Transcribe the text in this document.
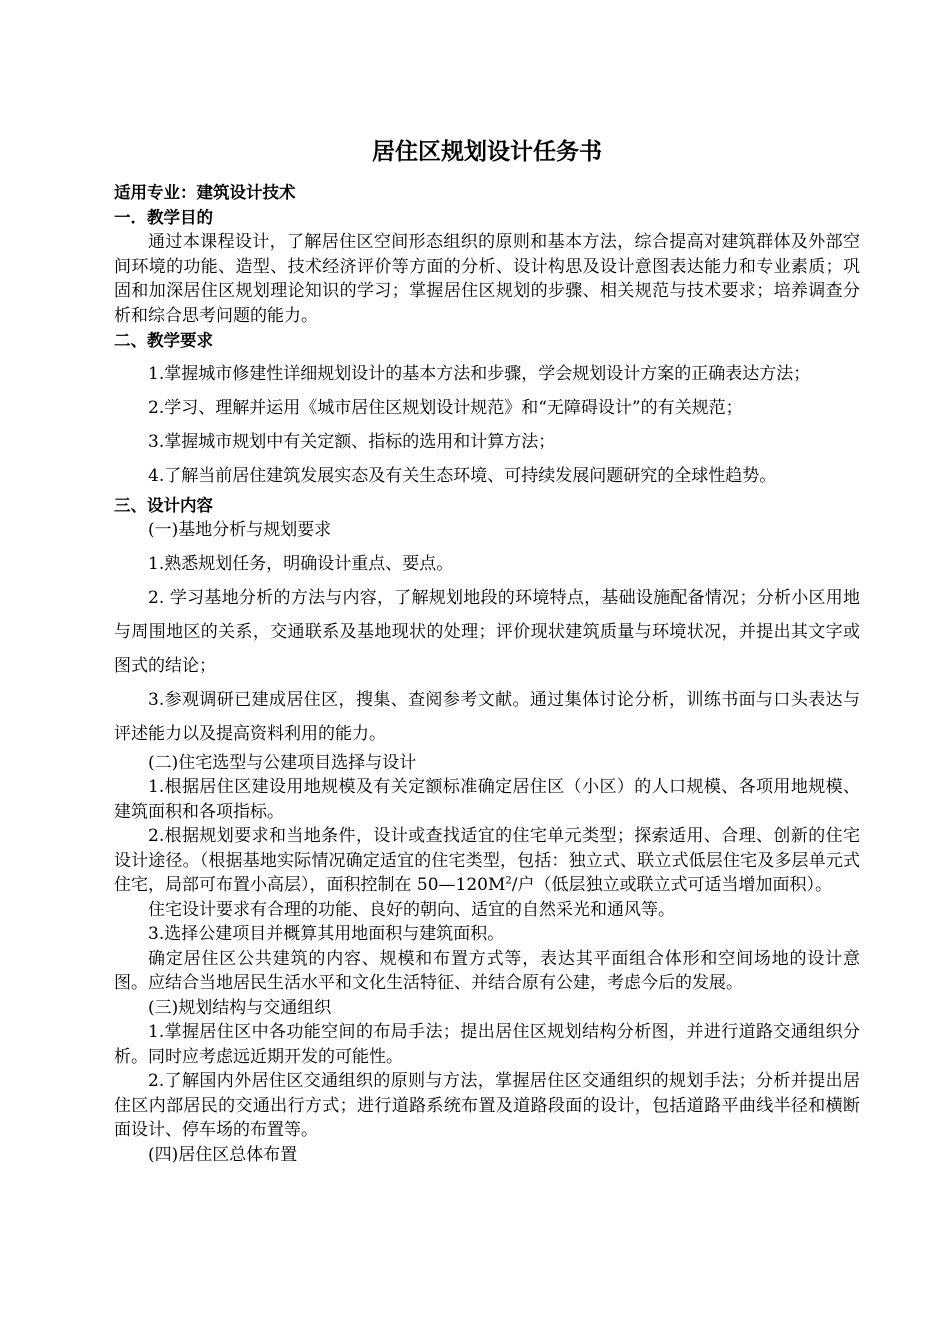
居住区规划设计任务书

适用专业：建筑设计技术

一．教学目的

通过本课程设计，了解居住区空间形态组织的原则和基本方法，综合提高对建筑群体及外部空间环境的功能、造型、技术经济评价等方面的分析、设计构思及设计意图表达能力和专业素质；巩固和加深居住区规划理论知识的学习；掌握居住区规划的步骤、相关规范与技术要求；培养调查分析和综合思考问题的能力。

二、教学要求

1.掌握城市修建性详细规划设计的基本方法和步骤，学会规划设计方案的正确表达方法；

2.学习、理解并运用《城市居住区规划设计规范》和“无障碍设计”的有关规范；

3.掌握城市规划中有关定额、指标的选用和计算方法；

4.了解当前居住建筑发展实态及有关生态环境、可持续发展问题研究的全球性趋势。

三、设计内容

(一)基地分析与规划要求

1.熟悉规划任务，明确设计重点、要点。

2. 学习基地分析的方法与内容，了解规划地段的环境特点，基础设施配备情况；分析小区用地与周围地区的关系，交通联系及基地现状的处理；评价现状建筑质量与环境状况，并提出其文字或图式的结论；

3.参观调研已建成居住区，搜集、查阅参考文献。通过集体讨论分析，训练书面与口头表达与评述能力以及提高资料利用的能力。

(二)住宅选型与公建项目选择与设计

1.根据居住区建设用地规模及有关定额标准确定居住区（小区）的人口规模、各项用地规模、建筑面积和各项指标。

2.根据规划要求和当地条件，设计或查找适宜的住宅单元类型；探索适用、合理、创新的住宅设计途径。（根据基地实际情况确定适宜的住宅类型，包括：独立式、联立式低层住宅及多层单元式住宅，局部可布置小高层），面积控制在 $50—120M^2/$户（低层独立或联立式可适当增加面积）。

住宅设计要求有合理的功能、良好的朝向、适宜的自然采光和通风等。

3.选择公建项目并概算其用地面积与建筑面积。

确定居住区公共建筑的内容、规模和布置方式等，表达其平面组合体形和空间场地的设计意图。应结合当地居民生活水平和文化生活特征、并结合原有公建，考虑今后的发展。

(三)规划结构与交通组织

1.掌握居住区中各功能空间的布局手法；提出居住区规划结构分析图，并进行道路交通组织分析。同时应考虑远近期开发的可能性。

2.了解国内外居住区交通组织的原则与方法，掌握居住区交通组织的规划手法；分析并提出居住区内部居民的交通出行方式；进行道路系统布置及道路段面的设计，包括道路平曲线半径和横断面设计、停车场的布置等。

(四)居住区总体布置
